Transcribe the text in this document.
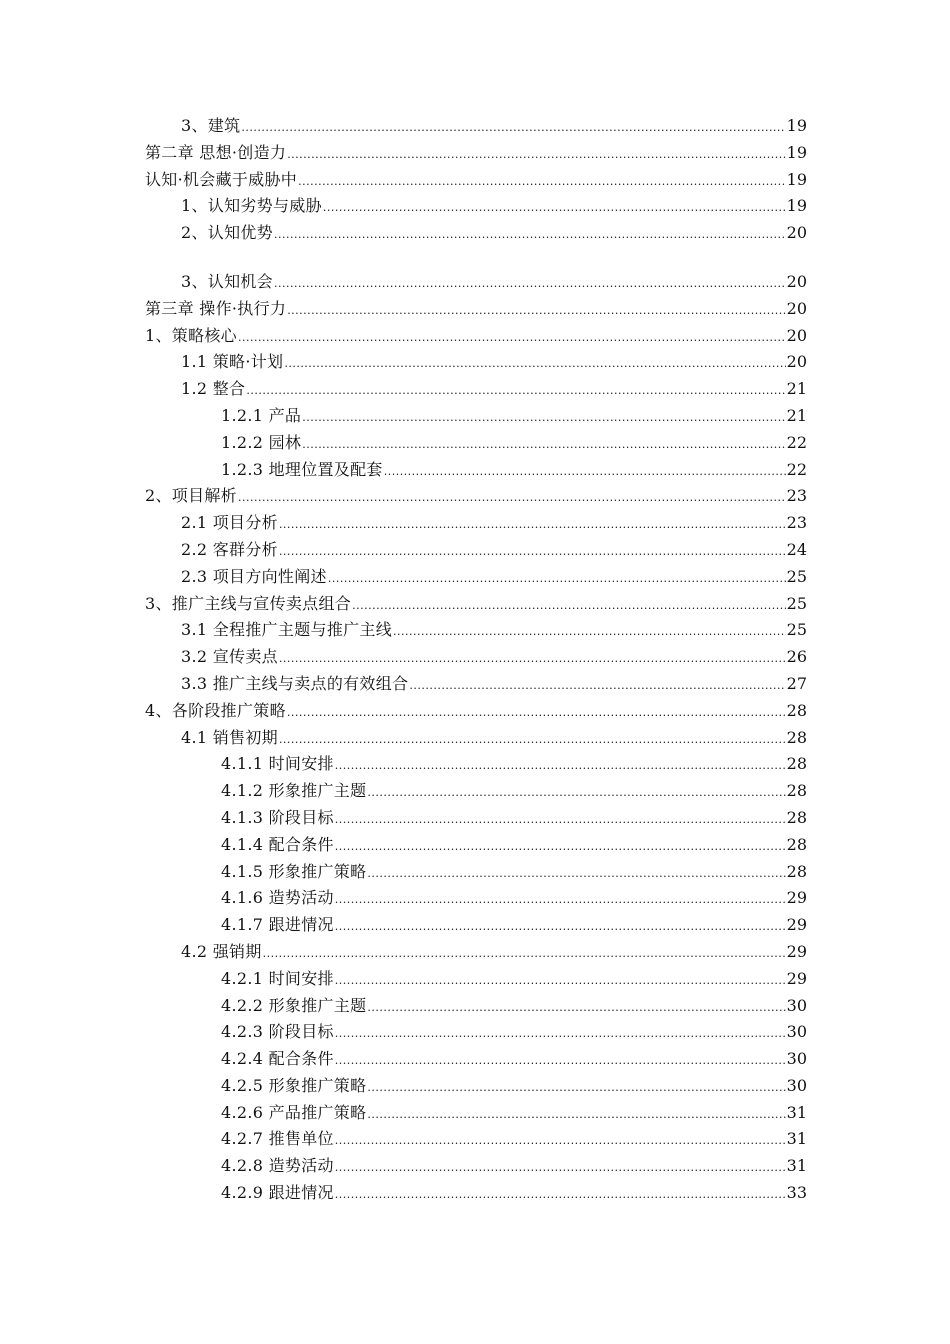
3、建筑 .....	19
第二章 思想·创造力 .....	19
认知·机会藏于威胁中 .....	19
1、认知劣势与威胁 .....	19
2、认知优势 .....	20
3、认知机会 .....	20
第三章 操作·执行力 .....	20
1、策略核心 .....	20
1.1 策略·计划 .....	20
1.2 整合 .....	21
1.2.1 产品 .....	21
1.2.2 园林 .....	22
1.2.3 地理位置及配套 .....	22
2、项目解析 .....	23
2.1 项目分析 .....	23
2.2 客群分析 .....	24
2.3 项目方向性阐述 .....	25
3、推广主线与宣传卖点组合 .....	25
3.1 全程推广主题与推广主线 .....	25
3.2 宣传卖点 .....	26
3.3 推广主线与卖点的有效组合 .....	27
4、各阶段推广策略 .....	28
4.1 销售初期 .....	28
4.1.1 时间安排 .....	28
4.1.2 形象推广主题 .....	28
4.1.3 阶段目标 .....	28
4.1.4 配合条件 .....	28
4.1.5 形象推广策略 .....	28
4.1.6 造势活动 .....	29
4.1.7 跟进情况 .....	29
4.2 强销期 .....	29
4.2.1 时间安排 .....	29
4.2.2 形象推广主题 .....	30
4.2.3 阶段目标 .....	30
4.2.4 配合条件 .....	30
4.2.5 形象推广策略 .....	30
4.2.6 产品推广策略 .....	31
4.2.7 推售单位 .....	31
4.2.8 造势活动 .....	31
4.2.9 跟进情况 .....	33
